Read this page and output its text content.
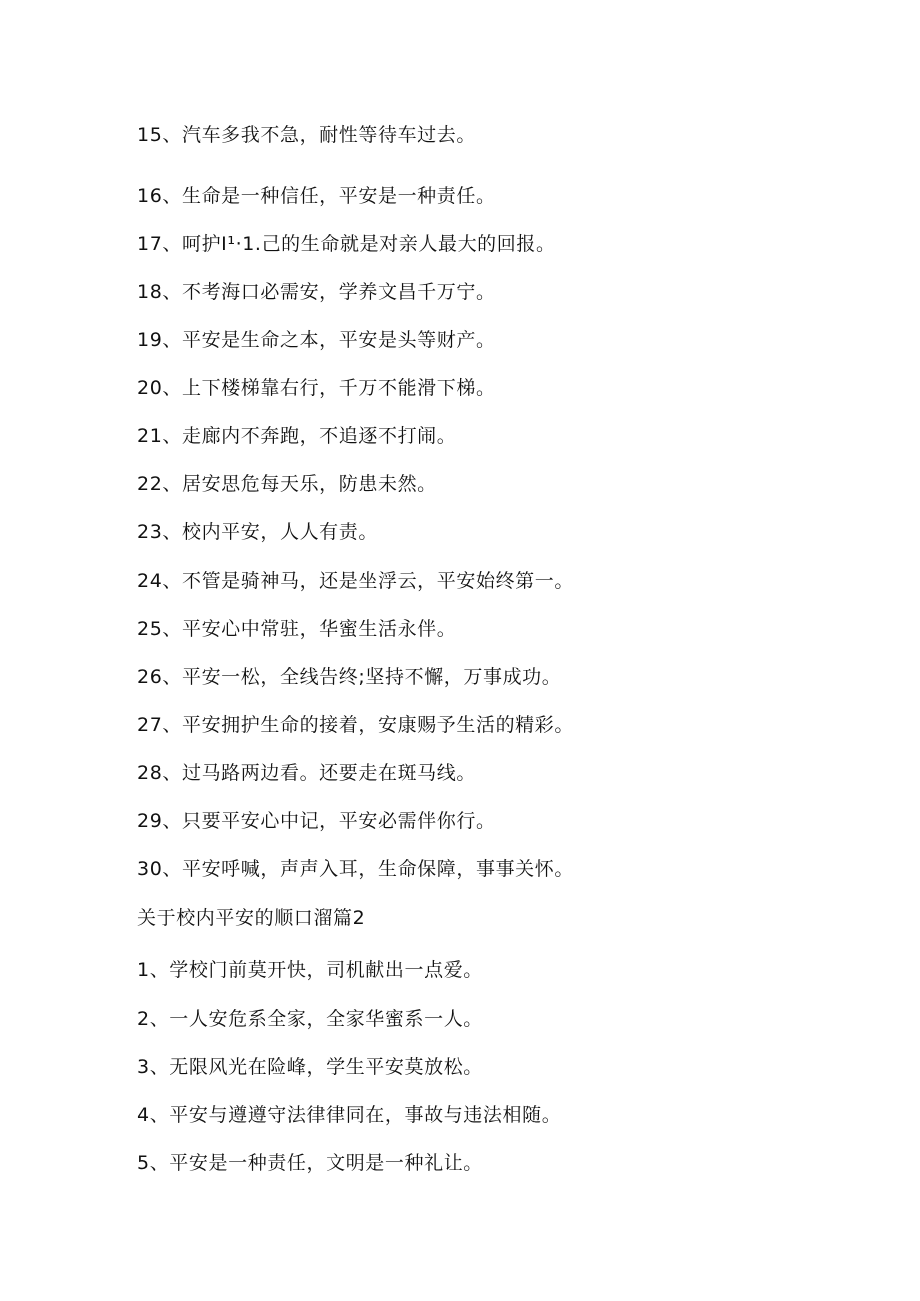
15、汽车多我不急，耐性等待车过去。
16、生命是一种信任，平安是一种责任。
17、呵护I¹·1.己的生命就是对亲人最大的回报。
18、不考海口必需安，学养文昌千万宁。
19、平安是生命之本，平安是头等财产。
20、上下楼梯靠右行，千万不能滑下梯。
21、走廊内不奔跑，不追逐不打闹。
22、居安思危每天乐，防患未然。
23、校内平安，人人有责。
24、不管是骑神马，还是坐浮云，平安始终第一。
25、平安心中常驻，华蜜生活永伴。
26、平安一松，全线告终;坚持不懈，万事成功。
27、平安拥护生命的接着，安康赐予生活的精彩。
28、过马路两边看。还要走在斑马线。
29、只要平安心中记，平安必需伴你行。
30、平安呼喊，声声入耳，生命保障，事事关怀。
关于校内平安的顺口溜篇2
1、学校门前莫开快，司机献出一点爱。
2、一人安危系全家，全家华蜜系一人。
3、无限风光在险峰，学生平安莫放松。
4、平安与遵遵守法律律同在，事故与违法相随。
5、平安是一种责任，文明是一种礼让。
